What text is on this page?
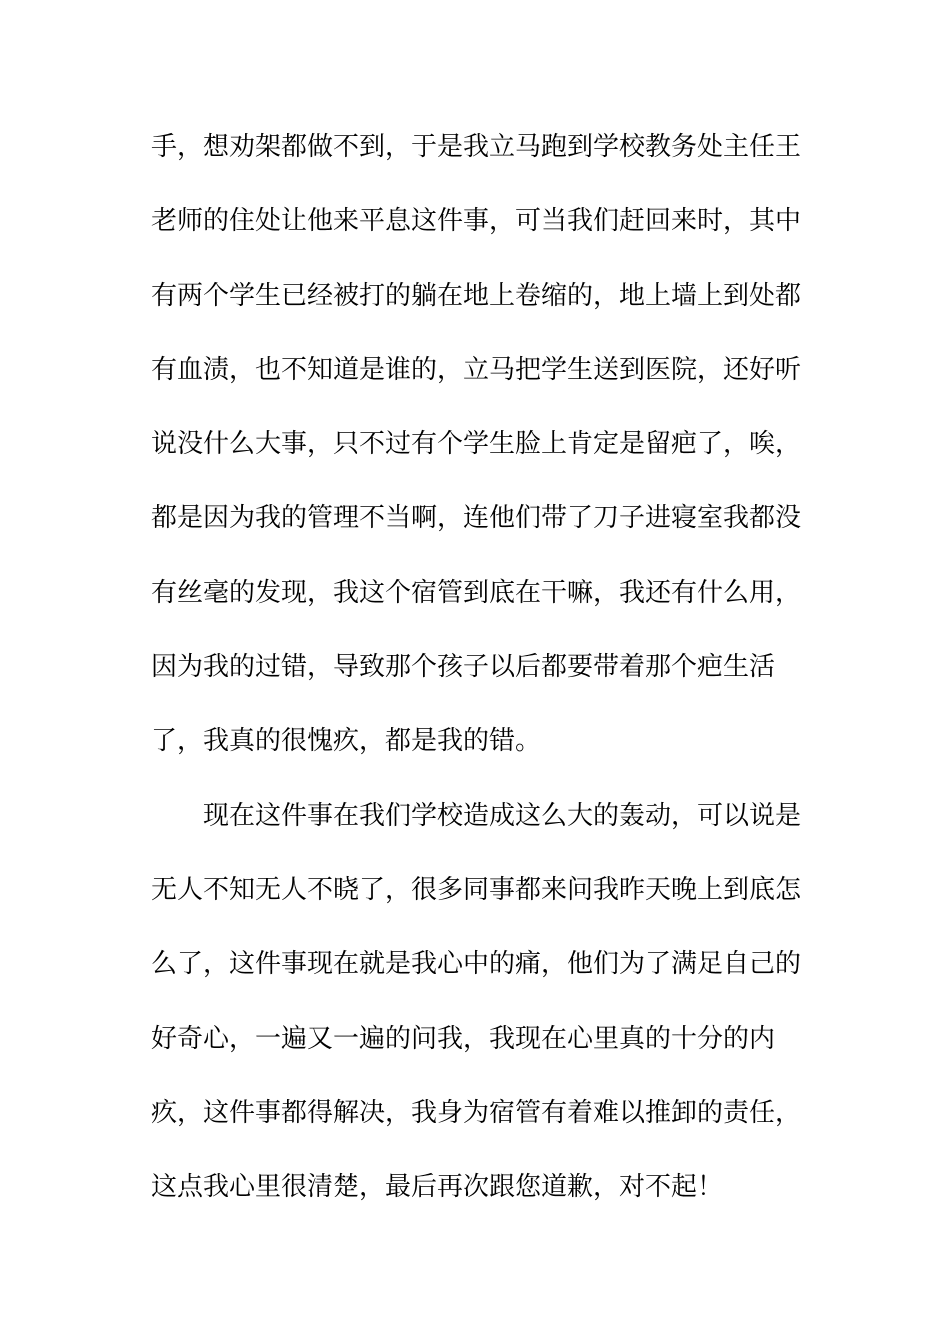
手，想劝架都做不到，于是我立马跑到学校教务处主任王
老师的住处让他来平息这件事，可当我们赶回来时，其中
有两个学生已经被打的躺在地上卷缩的，地上墙上到处都
有血渍，也不知道是谁的，立马把学生送到医院，还好听
说没什么大事，只不过有个学生脸上肯定是留疤了，唉，
都是因为我的管理不当啊，连他们带了刀子进寝室我都没
有丝毫的发现，我这个宿管到底在干嘛，我还有什么用，
因为我的过错，导致那个孩子以后都要带着那个疤生活
了，我真的很愧疚，都是我的错。
现在这件事在我们学校造成这么大的轰动，可以说是
无人不知无人不晓了，很多同事都来问我昨天晚上到底怎
么了，这件事现在就是我心中的痛，他们为了满足自己的
好奇心，一遍又一遍的问我，我现在心里真的十分的内
疚，这件事都得解决，我身为宿管有着难以推卸的责任，
这点我心里很清楚，最后再次跟您道歉，对不起！
